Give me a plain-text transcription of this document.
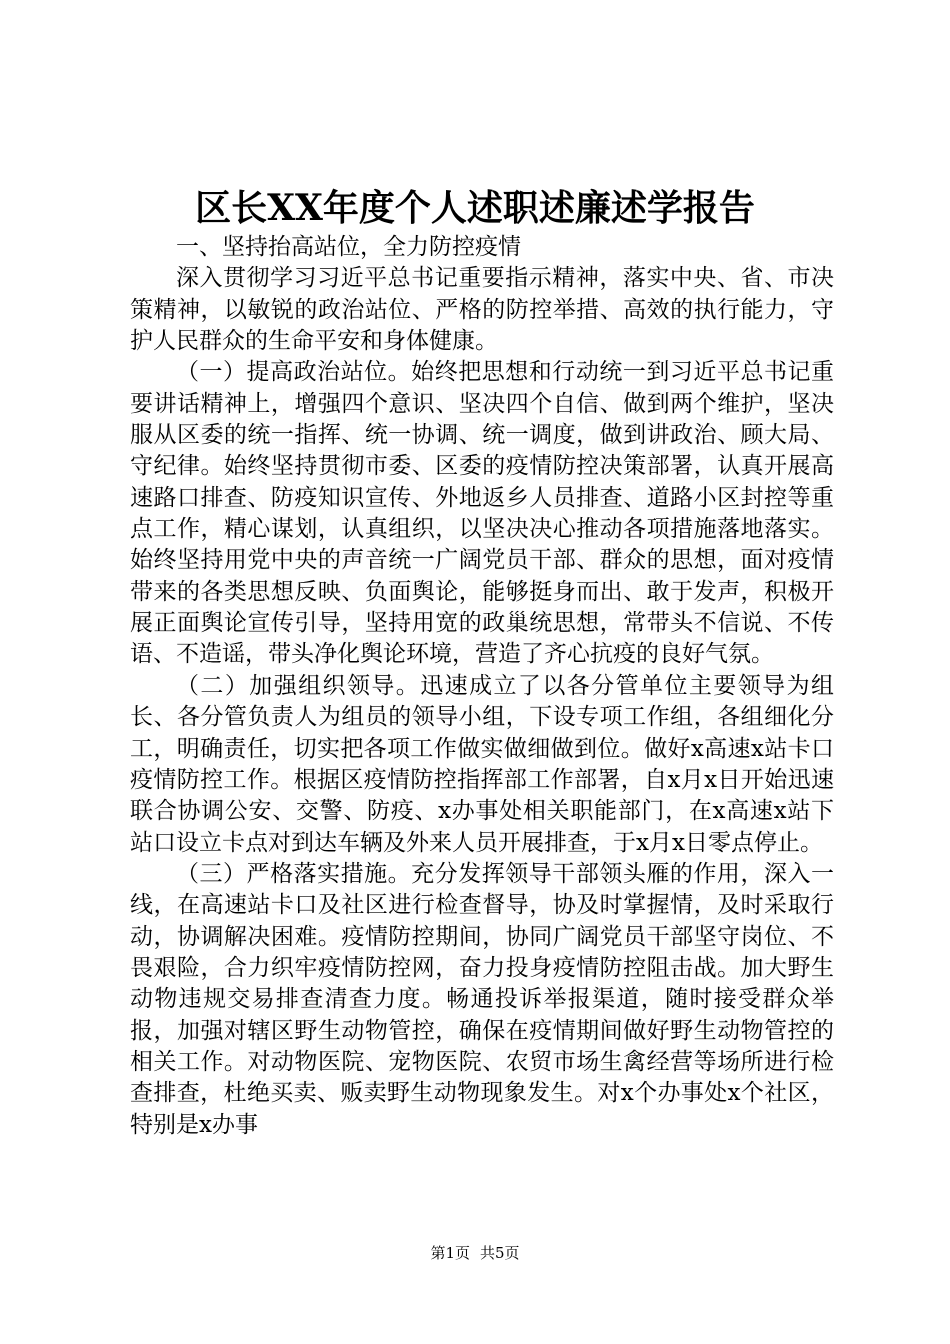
区长XX年度个人述职述廉述学报告

一、坚持抬高站位，全力防控疫情

深入贯彻学习习近平总书记重要指示精神，落实中央、省、市决策精神，以敏锐的政治站位、严格的防控举措、高效的执行能力，守护人民群众的生命平安和身体健康。

（一）提高政治站位。始终把思想和行动统一到习近平总书记重要讲话精神上，增强四个意识、坚决四个自信、做到两个维护，坚决服从区委的统一指挥、统一协调、统一调度，做到讲政治、顾大局、守纪律。始终坚持贯彻市委、区委的疫情防控决策部署，认真开展高速路口排查、防疫知识宣传、外地返乡人员排查、道路小区封控等重点工作，精心谋划，认真组织，以坚决决心推动各项措施落地落实。始终坚持用党中央的声音统一广阔党员干部、群众的思想，面对疫情带来的各类思想反映、负面舆论，能够挺身而出、敢于发声，积极开展正面舆论宣传引导，坚持用宽的政巢统思想，常带头不信说、不传语、不造谣，带头净化舆论环境，营造了齐心抗疫的良好气氛。

（二）加强组织领导。迅速成立了以各分管单位主要领导为组长、各分管负责人为组员的领导小组，下设专项工作组，各组细化分工，明确责任，切实把各项工作做实做细做到位。做好x高速x站卡口疫情防控工作。根据区疫情防控指挥部工作部署，自x月x日开始迅速联合协调公安、交警、防疫、x办事处相关职能部门，在x高速x站下站口设立卡点对到达车辆及外来人员开展排查，于x月x日零点停止。

（三）严格落实措施。充分发挥领导干部领头雁的作用，深入一线，在高速站卡口及社区进行检查督导，协及时掌握情，及时采取行动，协调解决困难。疫情防控期间，协同广阔党员干部坚守岗位、不畏艰险，合力织牢疫情防控网，奋力投身疫情防控阻击战。加大野生动物违规交易排查清查力度。畅通投诉举报渠道，随时接受群众举报，加强对辖区野生动物管控，确保在疫情期间做好野生动物管控的相关工作。对动物医院、宠物医院、农贸市场生禽经营等场所进行检查排查，杜绝买卖、贩卖野生动物现象发生。对x个办事处x个社区，特别是x办事

第1页 共5页
